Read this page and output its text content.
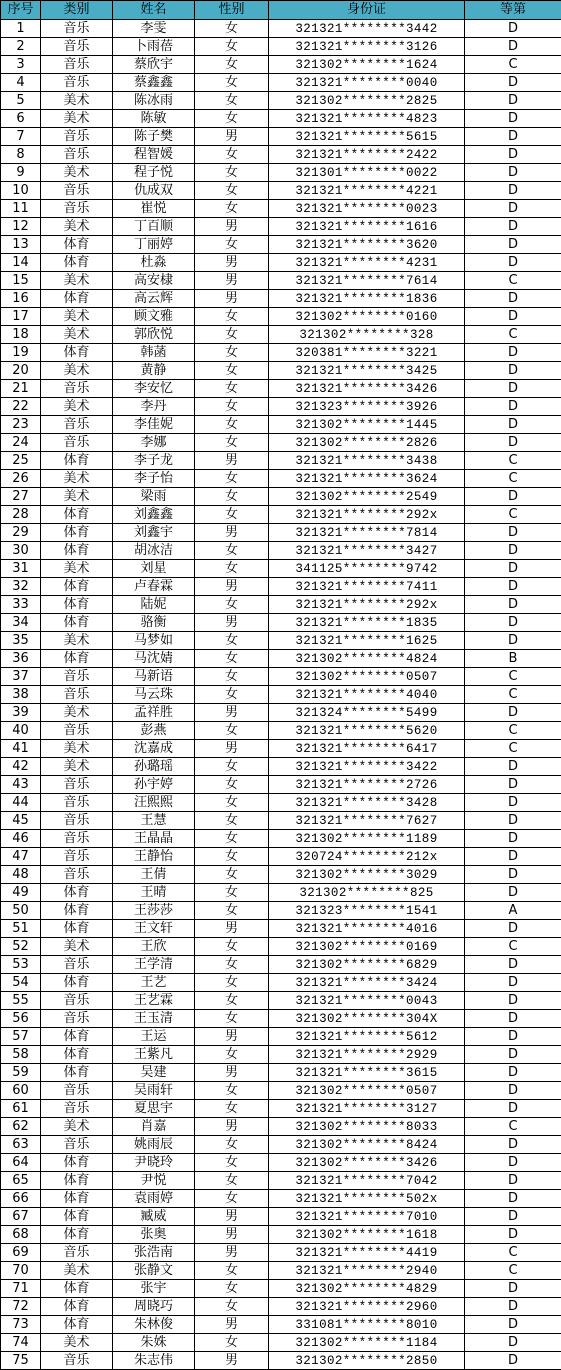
序号	类别	姓名	性别	身份证	等第
1	音乐	李雯	女	321321********3442	D
2	音乐	卜雨蓓	女	321321********3126	D
3	音乐	蔡欣宇	女	321302********1624	C
4	音乐	蔡鑫鑫	女	321321********0040	D
5	美术	陈冰雨	女	321302********2825	D
6	美术	陈敏	女	321321********4823	D
7	音乐	陈子樊	男	321321********5615	D
8	音乐	程智媛	女	321321********2422	D
9	美术	程子悦	女	321301********0022	D
10	音乐	仇成双	女	321321********4221	D
11	音乐	崔悦	女	321321********0023	D
12	美术	丁百顺	男	321321********1616	D
13	体育	丁丽婷	女	321321********3620	D
14	体育	杜淼	男	321321********4231	D
15	美术	高安棣	男	321321********7614	C
16	体育	高云辉	男	321321********1836	D
17	美术	顾文雅	女	321302********0160	D
18	美术	郭欣悦	女	321302********328	C
19	体育	韩菡	女	320381********3221	D
20	美术	黄静	女	321321********3425	D
21	音乐	李安忆	女	321321********3426	D
22	美术	李丹	女	321323********3926	D
23	音乐	李佳妮	女	321302********1445	D
24	音乐	李娜	女	321302********2826	D
25	体育	李子龙	男	321321********3438	C
26	美术	李子怡	女	321321********3624	C
27	美术	梁雨	女	321302********2549	D
28	体育	刘鑫鑫	女	321321********292x	C
29	体育	刘鑫宇	男	321321********7814	D
30	体育	胡冰洁	女	321321********3427	D
31	美术	刘星	女	341125********9742	D
32	体育	卢春霖	男	321321********7411	D
33	体育	陆妮	女	321321********292x	D
34	体育	骆衡	男	321321********1835	D
35	美术	马梦如	女	321321********1625	D
36	体育	马沈婧	女	321302********4824	B
37	音乐	马新语	女	321302********0507	C
38	音乐	马云珠	女	321321********4040	C
39	美术	孟祥胜	男	321324********5499	D
40	音乐	彭燕	女	321321********5620	C
41	美术	沈嘉成	男	321321********6417	C
42	美术	孙璐瑶	女	321321********3422	D
43	音乐	孙宇婷	女	321321********2726	D
44	音乐	汪熙熙	女	321321********3428	D
45	音乐	王慧	女	321321********7627	D
46	音乐	王晶晶	女	321302********1189	D
47	音乐	王静怡	女	320724********212x	D
48	音乐	王倩	女	321302********3029	D
49	体育	王晴	女	321302********825	D
50	体育	王莎莎	女	321323********1541	A
51	体育	王文轩	男	321321********4016	D
52	美术	王欣	女	321302********0169	C
53	音乐	王学清	女	321302********6829	D
54	体育	王艺	女	321321********3424	D
55	音乐	王艺霖	女	321321********0043	D
56	音乐	王玉清	女	321302********304X	D
57	体育	王运	男	321321********5612	D
58	体育	王紫凡	女	321321********2929	D
59	体育	吴建	男	321321********3615	D
60	音乐	吴雨轩	女	321302********0507	D
61	音乐	夏思宇	女	321321********3127	D
62	美术	肖嘉	男	321302********8033	C
63	音乐	姚雨辰	女	321302********8424	D
64	体育	尹晓玲	女	321302********3426	D
65	体育	尹悦	女	321321********7042	D
66	体育	袁雨婷	女	321321********502x	D
67	体育	臧威	男	321321********7010	D
68	体育	张奥	男	321302********1618	D
69	音乐	张浩南	男	321321********4419	C
70	美术	张静文	女	321321********2940	C
71	体育	张宇	女	321302********4829	D
72	体育	周晓巧	女	321321********2960	D
73	体育	朱林俊	男	331081********8010	D
74	美术	朱姝	女	321302********1184	D
75	音乐	朱志伟	男	321302********2850	D
